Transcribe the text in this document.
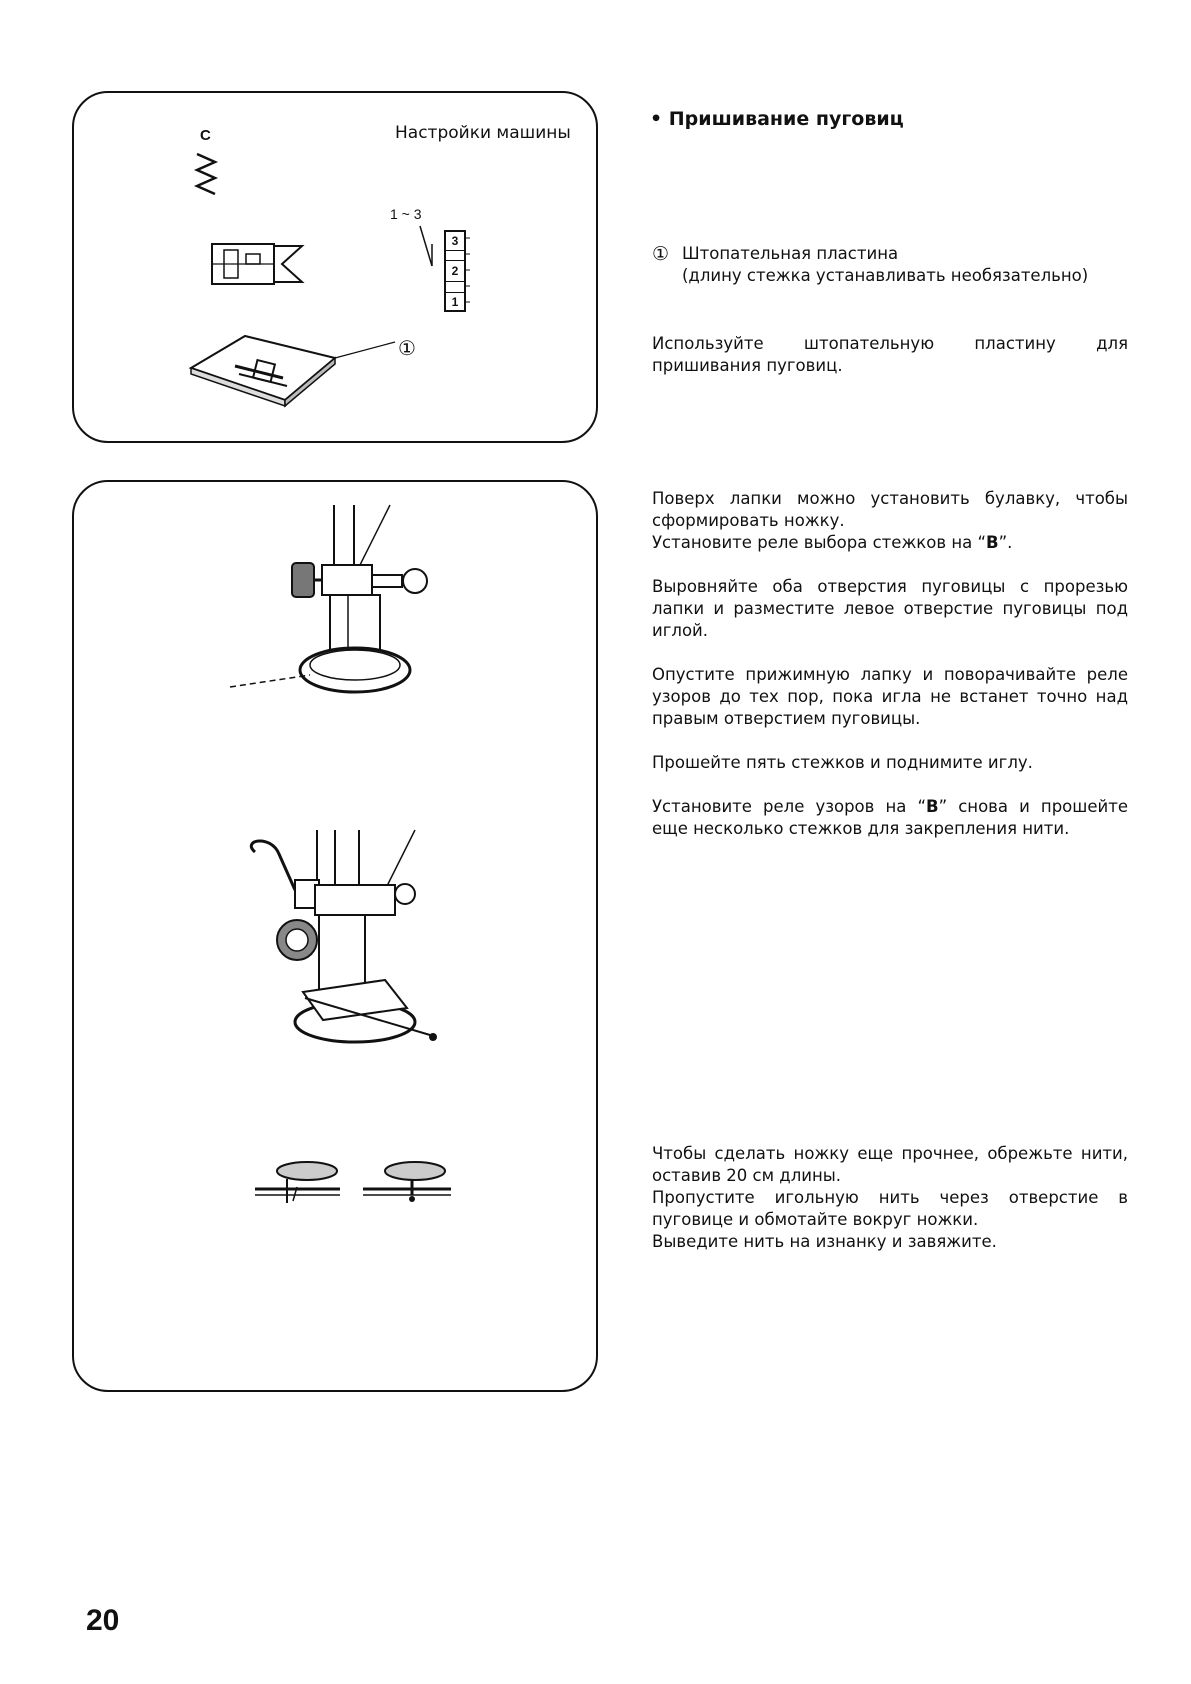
Настройки машины
C
1 ~ 3
3
2
1
①
• Пришивание пуговиц
① Штопательная пластина
(длину стежка устанавливать необязательно)
Используйте штопательную пластину для
пришивания пуговиц.
Поверх лапки можно установить булавку, чтобы
сформировать ножку.
Установите реле выбора стежков на “B”.
Выровняйте оба отверстия пуговицы с прорезью
лапки и разместите левое отверстие пуговицы под
иглой.
Опустите прижимную лапку и поворачивайте реле
узоров до тех пор, пока игла не встанет точно над
правым отверстием пуговицы.
Прошейте пять стежков и поднимите иглу.
Установите реле узоров на “B” снова и прошейте
еще несколько стежков для закрепления нити.
Чтобы сделать ножку еще прочнее, обрежьте нити,
оставив 20 см длины.
Пропустите игольную нить через отверстие в
пуговице и обмотайте вокруг ножки.
Выведите нить на изнанку и завяжите.
20
